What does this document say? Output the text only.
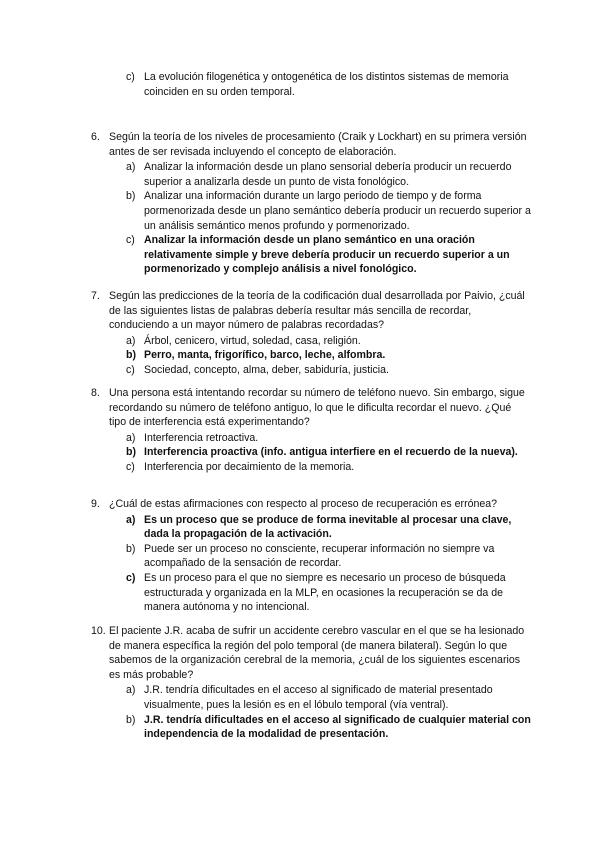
c) La evolución filogenética y ontogenética de los distintos sistemas de memoria coinciden en su orden temporal.
6. Según la teoría de los niveles de procesamiento (Craik y Lockhart) en su primera versión antes de ser revisada incluyendo el concepto de elaboración.
a) Analizar la información desde un plano sensorial debería producir un recuerdo superior a analizarla desde un punto de vista fonológico.
b) Analizar una información durante un largo periodo de tiempo y de forma pormenorizada desde un plano semántico debería producir un recuerdo superior a un análisis semántico menos profundo y pormenorizado.
c) Analizar la información desde un plano semántico en una oración relativamente simple y breve debería producir un recuerdo superior a un pormenorizado y complejo análisis a nivel fonológico.
7. Según las predicciones de la teoría de la codificación dual desarrollada por Paivio, ¿cuál de las siguientes listas de palabras debería resultar más sencilla de recordar, conduciendo a un mayor número de palabras recordadas?
a) Árbol, cenicero, virtud, soledad, casa, religión.
b) Perro, manta, frigorífico, barco, leche, alfombra.
c) Sociedad, concepto, alma, deber, sabiduría, justicia.
8. Una persona está intentando recordar su número de teléfono nuevo. Sin embargo, sigue recordando su número de teléfono antiguo, lo que le dificulta recordar el nuevo. ¿Qué tipo de interferencia está experimentando?
a) Interferencia retroactiva.
b) Interferencia proactiva (info. antigua interfiere en el recuerdo de la nueva).
c) Interferencia por decaimiento de la memoria.
9. ¿Cuál de estas afirmaciones con respecto al proceso de recuperación es errónea?
a) Es un proceso que se produce de forma inevitable al procesar una clave, dada la propagación de la activación.
b) Puede ser un proceso no consciente, recuperar información no siempre va acompañado de la sensación de recordar.
c) Es un proceso para el que no siempre es necesario un proceso de búsqueda estructurada y organizada en la MLP, en ocasiones la recuperación se da de manera autónoma y no intencional.
10. El paciente J.R. acaba de sufrir un accidente cerebro vascular en el que se ha lesionado de manera específica la región del polo temporal (de manera bilateral). Según lo que sabemos de la organización cerebral de la memoria, ¿cuál de los siguientes escenarios es más probable?
a) J.R. tendría dificultades en el acceso al significado de material presentado visualmente, pues la lesión es en el lóbulo temporal (vía ventral).
b) J.R. tendría dificultades en el acceso al significado de cualquier material con independencia de la modalidad de presentación.
